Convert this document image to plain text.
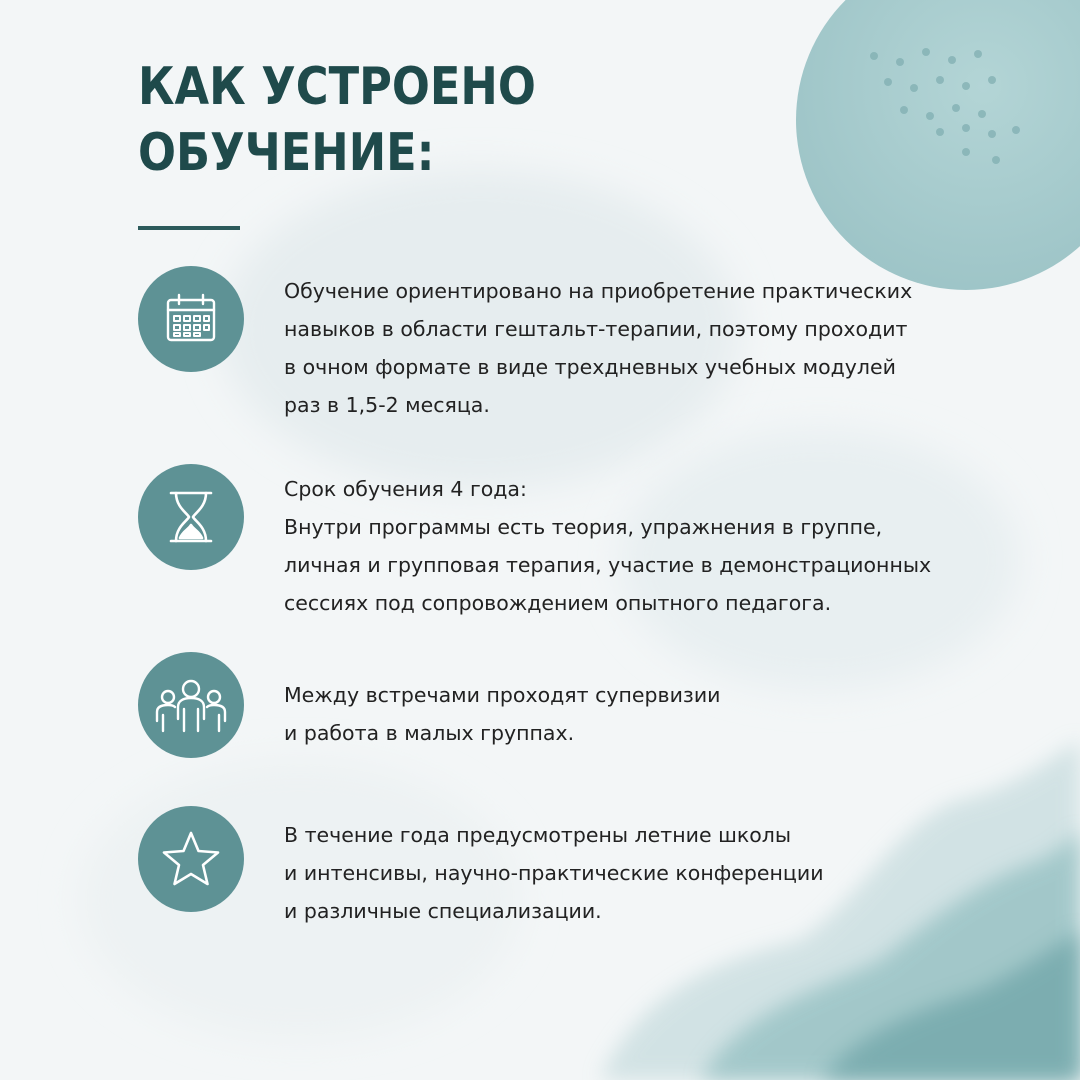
КАК УСТРОЕНО
ОБУЧЕНИЕ:
Обучение ориентировано на приобретение практических
навыков в области гештальт-терапии, поэтому проходит
в очном формате в виде трехдневных учебных модулей
раз в 1,5-2 месяца.
Срок обучения 4 года:
Внутри программы есть теория, упражнения в группе,
личная и групповая терапия, участие в демонстрационных
сессиях под сопровождением опытного педагога.
Между встречами проходят супервизии
и работа в малых группах.
В течение года предусмотрены летние школы
и интенсивы, научно-практические конференции
и различные специализации.
